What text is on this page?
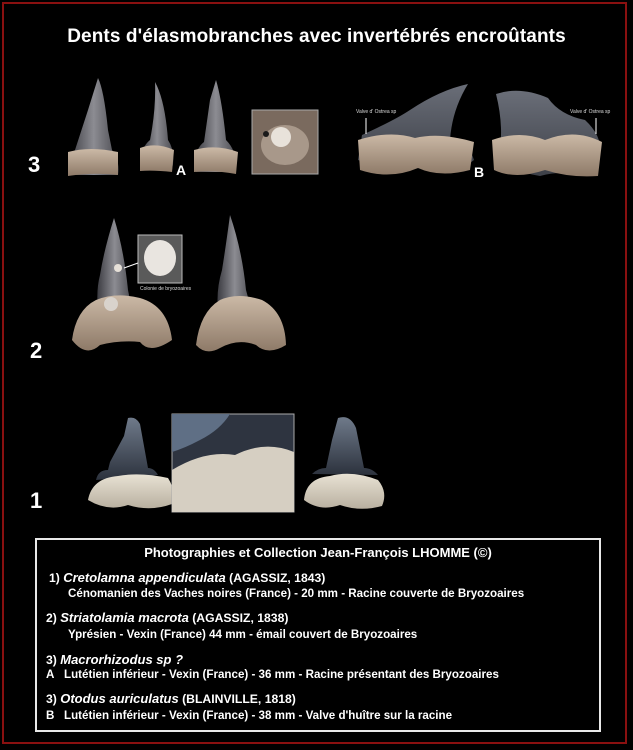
Dents d'élasmobranches avec invertébrés encroûtants
3
2
1
A	B
Valve d' Ostrea sp	Valve d' Ostrea sp
Colonie de bryozoaires
Photographies et Collection Jean-François LHOMME (©)
1) Cretolamna appendiculata (AGASSIZ, 1843)
Cénomanien des Vaches noires (France) - 20 mm - Racine couverte de Bryozoaires
2) Striatolamia macrota (AGASSIZ, 1838)
Yprésien - Vexin (France) 44 mm - émail couvert de Bryozoaires
3) Macrorhizodus sp ?
A Lutétien inférieur - Vexin (France) - 36 mm - Racine présentant des Bryozoaires
3) Otodus auriculatus (BLAINVILLE, 1818)
B Lutétien inférieur - Vexin (France) - 38 mm - Valve d'huître sur la racine
